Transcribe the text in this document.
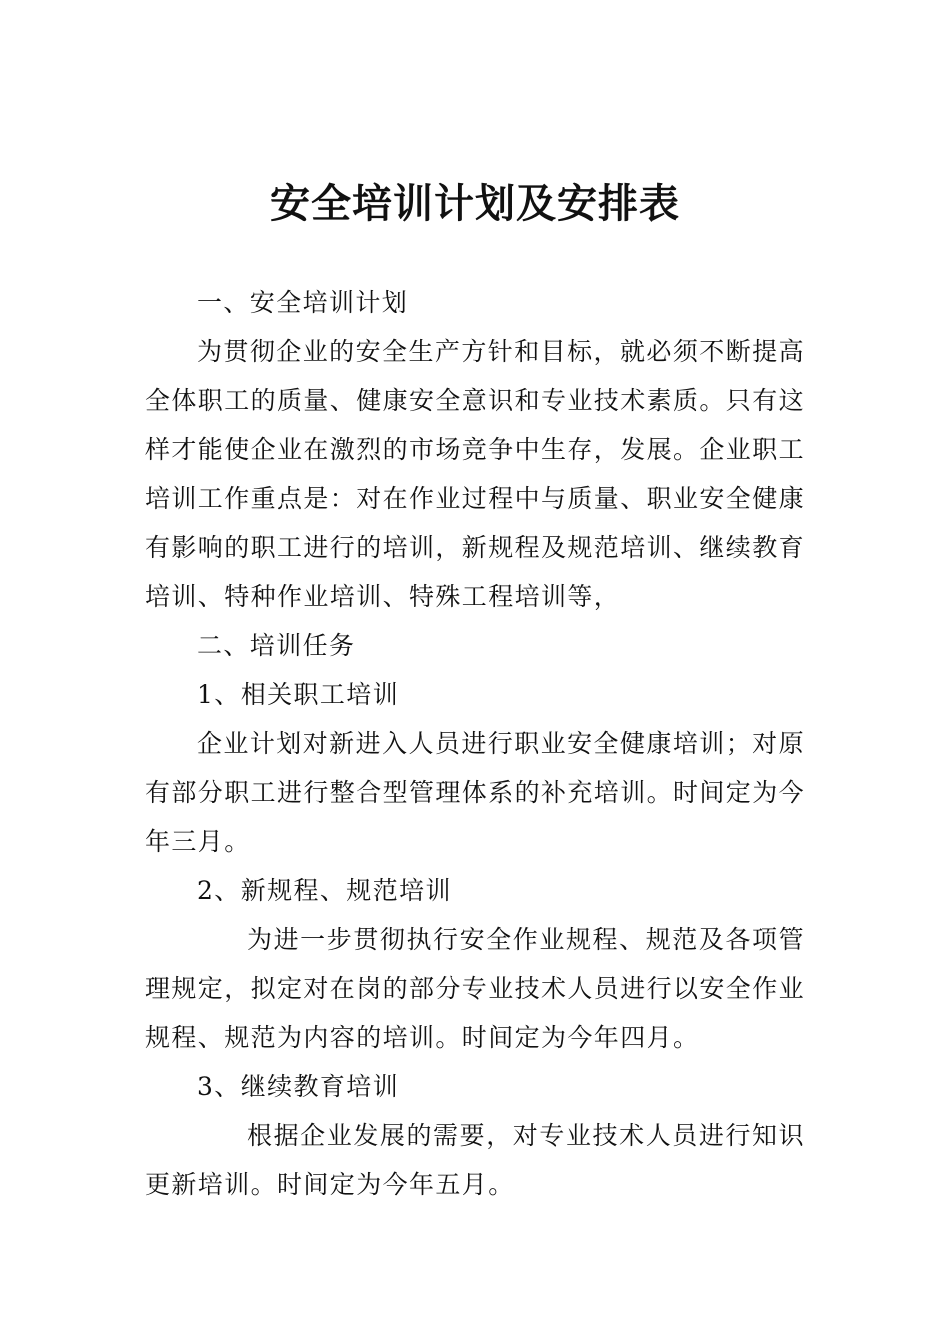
安全培训计划及安排表

一、安全培训计划

为贯彻企业的安全生产方针和目标，就必须不断提高全体职工的质量、健康安全意识和专业技术素质。只有这样才能使企业在激烈的市场竞争中生存，发展。企业职工培训工作重点是：对在作业过程中与质量、职业安全健康有影响的职工进行的培训，新规程及规范培训、继续教育培训、特种作业培训、特殊工程培训等，

二、培训任务

1、相关职工培训

企业计划对新进入人员进行职业安全健康培训；对原有部分职工进行整合型管理体系的补充培训。时间定为今年三月。

2、新规程、规范培训

为进一步贯彻执行安全作业规程、规范及各项管理规定，拟定对在岗的部分专业技术人员进行以安全作业规程、规范为内容的培训。时间定为今年四月。

3、继续教育培训

根据企业发展的需要，对专业技术人员进行知识更新培训。时间定为今年五月。
